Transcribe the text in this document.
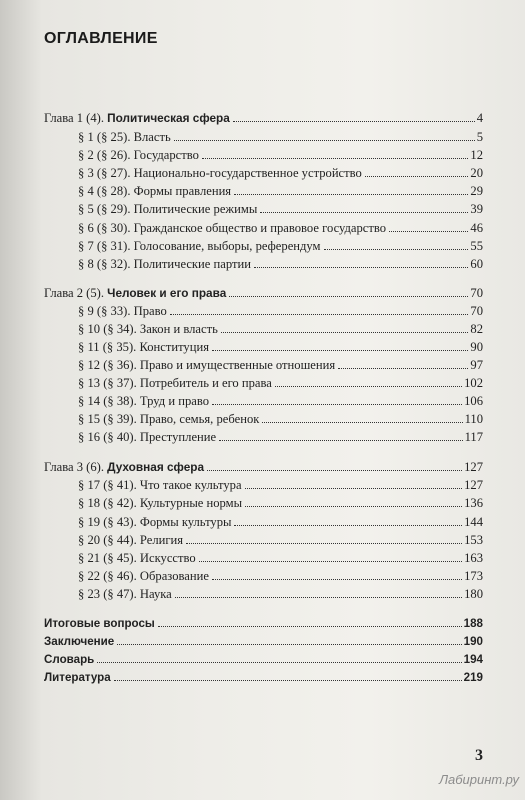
ОГЛАВЛЕНИЕ
Глава 1 (4). Политическая сфера	4
§ 1 (§ 25). Власть	5
§ 2 (§ 26). Государство	12
§ 3 (§ 27). Национально-государственное устройство	20
§ 4 (§ 28). Формы правления	29
§ 5 (§ 29). Политические режимы	39
§ 6 (§ 30). Гражданское общество и правовое государство	46
§ 7 (§ 31). Голосование, выборы, референдум	55
§ 8 (§ 32). Политические партии	60
Глава 2 (5). Человек и его права	70
§ 9 (§ 33). Право	70
§ 10 (§ 34). Закон и власть	82
§ 11 (§ 35). Конституция	90
§ 12 (§ 36). Право и имущественные отношения	97
§ 13 (§ 37). Потребитель и его права	102
§ 14 (§ 38). Труд и право	106
§ 15 (§ 39). Право, семья, ребенок	110
§ 16 (§ 40). Преступление	117
Глава 3 (6). Духовная сфера	127
§ 17 (§ 41). Что такое культура	127
§ 18 (§ 42). Культурные нормы	136
§ 19 (§ 43). Формы культуры	144
§ 20 (§ 44). Религия	153
§ 21 (§ 45). Искусство	163
§ 22 (§ 46). Образование	173
§ 23 (§ 47). Наука	180
Итоговые вопросы	188
Заключение	190
Словарь	194
Литература	219
3
Лабиринт.ру
